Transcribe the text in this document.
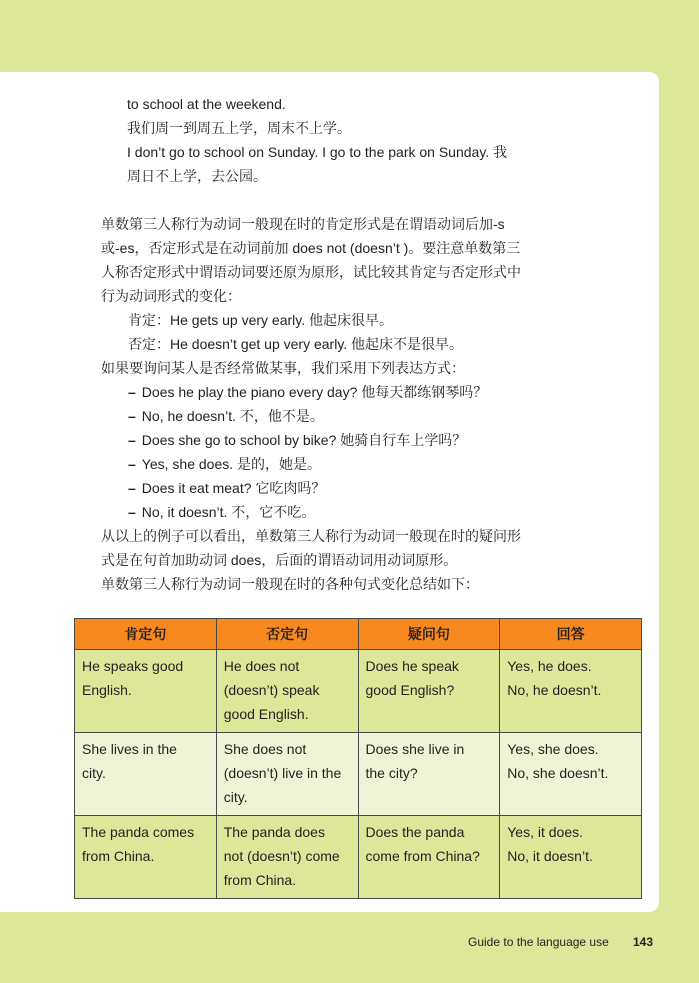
to school at the weekend.
我们周一到周五上学，周末不上学。
I don’t go to school on Sunday. I go to the park on Sunday. 我
周日不上学，去公园。
单数第三人称行为动词一般现在时的肯定形式是在谓语动词后加-s
或-es，否定形式是在动词前加 does not (doesn’t )。要注意单数第三
人称否定形式中谓语动词要还原为原形，试比较其肯定与否定形式中
行为动词形式的变化：
肯定：He gets up very early. 他起床很早。
否定：He doesn’t get up very early. 他起床不是很早。
如果要询问某人是否经常做某事，我们采用下列表达方式：
– Does he play the piano every day? 他每天都练钢琴吗？
– No, he doesn’t. 不，他不是。
– Does she go to school by bike? 她骑自行车上学吗？
– Yes, she does. 是的，她是。
– Does it eat meat? 它吃肉吗？
– No, it doesn’t. 不，它不吃。
从以上的例子可以看出，单数第三人称行为动词一般现在时的疑问形
式是在句首加助动词 does，后面的谓语动词用动词原形。
单数第三人称行为动词一般现在时的各种句式变化总结如下：
肯定句	否定句	疑问句	回答

He speaks good
English.	He does not
(doesn’t) speak
good English.	Does he speak
good English?	Yes, he does.
No, he doesn’t.

She lives in the
city.	She does not
(doesn’t) live in the
city.	Does she live in
the city?	Yes, she does.
No, she doesn’t.

The panda comes
from China.	The panda does
not (doesn’t) come
from China.	Does the panda
come from China?	Yes, it does.
No, it doesn’t.
Guide to the language use 143
